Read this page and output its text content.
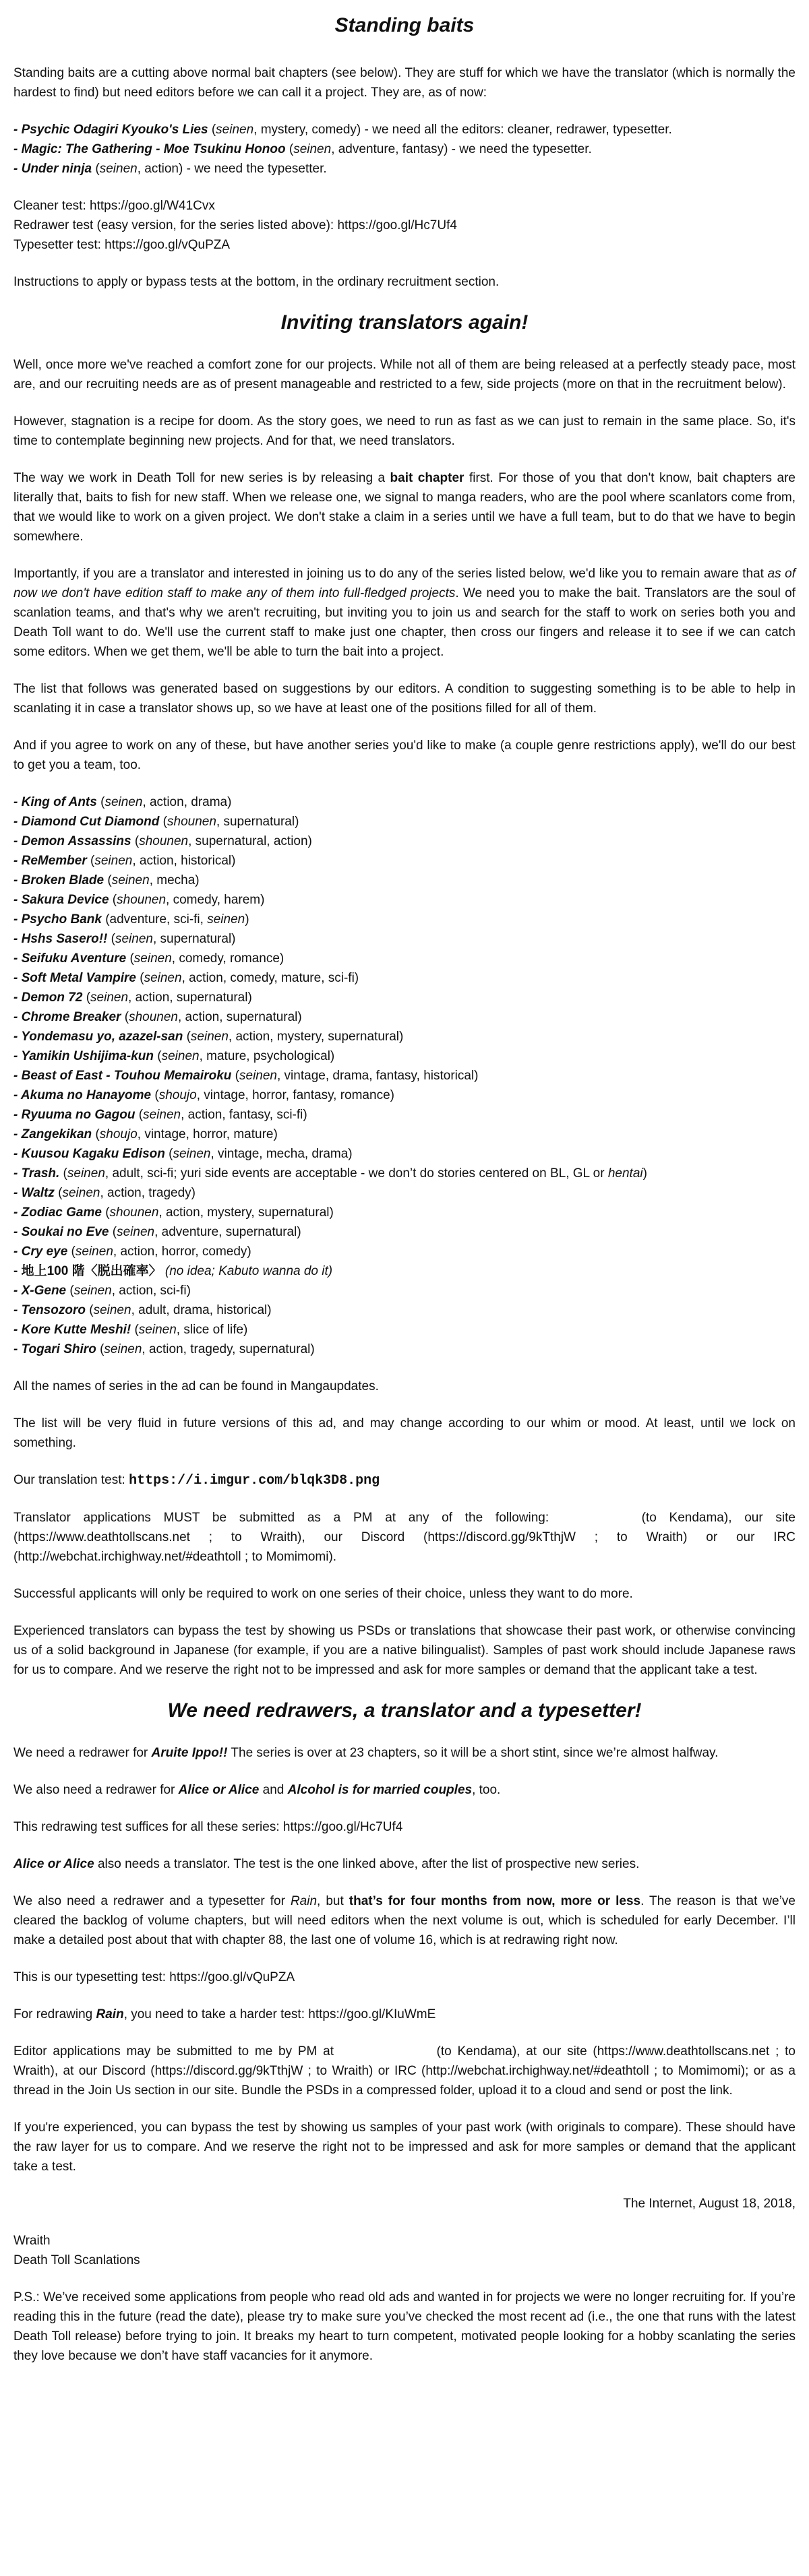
Standing baits

Standing baits are a cutting above normal bait chapters (see below). They are stuff for which we have the translator (which is normally the hardest to find) but need editors before we can call it a project. They are, as of now:

- Psychic Odagiri Kyouko's Lies (seinen, mystery, comedy) - we need all the editors: cleaner, redrawer, typesetter.
- Magic: The Gathering - Moe Tsukinu Honoo (seinen, adventure, fantasy) - we need the typesetter.
- Under ninja (seinen, action) - we need the typesetter.
Cleaner test: https://goo.gl/W41Cvx
Redrawer test (easy version, for the series listed above): https://goo.gl/Hc7Uf4
Typesetter test: https://goo.gl/vQuPZA

Instructions to apply or bypass tests at the bottom, in the ordinary recruitment section.

Inviting translators again!

Well, once more we've reached a comfort zone for our projects. While not all of them are being released at a perfectly steady pace, most are, and our recruiting needs are as of present manageable and restricted to a few, side projects (more on that in the recruitment below).

However, stagnation is a recipe for doom. As the story goes, we need to run as fast as we can just to remain in the same place. So, it's time to contemplate beginning new projects. And for that, we need translators.

The way we work in Death Toll for new series is by releasing a bait chapter first. For those of you that don't know, bait chapters are literally that, baits to fish for new staff. When we release one, we signal to manga readers, who are the pool where scanlators come from, that we would like to work on a given project. We don't stake a claim in a series until we have a full team, but to do that we have to begin somewhere.

Importantly, if you are a translator and interested in joining us to do any of the series listed below, we'd like you to remain aware that as of now we don't have edition staff to make any of them into full-fledged projects. We need you to make the bait. Translators are the soul of scanlation teams, and that's why we aren't recruiting, but inviting you to join us and search for the staff to work on series both you and Death Toll want to do. We'll use the current staff to make just one chapter, then cross our fingers and release it to see if we can catch some editors. When we get them, we'll be able to turn the bait into a project.

The list that follows was generated based on suggestions by our editors. A condition to suggesting something is to be able to help in scanlating it in case a translator shows up, so we have at least one of the positions filled for all of them.

And if you agree to work on any of these, but have another series you'd like to make (a couple genre restrictions apply), we'll do our best to get you a team, too.

- King of Ants (seinen, action, drama)
- Diamond Cut Diamond (shounen, supernatural)
- Demon Assassins (shounen, supernatural, action)
- ReMember (seinen, action, historical)
- Broken Blade (seinen, mecha)
- Sakura Device (shounen, comedy, harem)
- Psycho Bank (adventure, sci-fi, seinen)
- Hshs Sasero!! (seinen, supernatural)
- Seifuku Aventure (seinen, comedy, romance)
- Soft Metal Vampire (seinen, action, comedy, mature, sci-fi)
- Demon 72 (seinen, action, supernatural)
- Chrome Breaker (shounen, action, supernatural)
- Yondemasu yo, azazel-san (seinen, action, mystery, supernatural)
- Yamikin Ushijima-kun (seinen, mature, psychological)
- Beast of East - Touhou Memairoku (seinen, vintage, drama, fantasy, historical)
- Akuma no Hanayome (shoujo, vintage, horror, fantasy, romance)
- Ryuuma no Gagou (seinen, action, fantasy, sci-fi)
- Zangekikan (shoujo, vintage, horror, mature)
- Kuusou Kagaku Edison (seinen, vintage, mecha, drama)
- Trash. (seinen, adult, sci-fi; yuri side events are acceptable - we don’t do stories centered on BL, GL or hentai)
- Waltz (seinen, action, tragedy)
- Zodiac Game (shounen, action, mystery, supernatural)
- Soukai no Eve (seinen, adventure, supernatural)
- Cry eye (seinen, action, horror, comedy)
- 地上100 階〈脱出確率〉 (no idea; Kabuto wanna do it)
- X-Gene (seinen, action, sci-fi)
- Tensozoro (seinen, adult, drama, historical)
- Kore Kutte Meshi! (seinen, slice of life)
- Togari Shiro (seinen, action, tragedy, supernatural)

All the names of series in the ad can be found in Mangaupdates.

The list will be very fluid in future versions of this ad, and may change according to our whim or mood. At least, until we lock on something.

Our translation test: https://i.imgur.com/blqk3D8.png

Translator applications MUST be submitted as a PM at any of the following:	(to Kendama), our site (https://www.deathtollscans.net ; to Wraith), our Discord (https://discord.gg/9kTthjW ; to Wraith) or our IRC (http://webchat.irchighway.net/#deathtoll ; to Momimomi).

Successful applicants will only be required to work on one series of their choice, unless they want to do more.

Experienced translators can bypass the test by showing us PSDs or translations that showcase their past work, or otherwise convincing us of a solid background in Japanese (for example, if you are a native bilingualist). Samples of past work should include Japanese raws for us to compare. And we reserve the right not to be impressed and ask for more samples or demand that the applicant take a test.

We need redrawers, a translator and a typesetter!

We need a redrawer for Aruite Ippo!! The series is over at 23 chapters, so it will be a short stint, since we’re almost halfway.

We also need a redrawer for Alice or Alice and Alcohol is for married couples, too.

This redrawing test suffices for all these series: https://goo.gl/Hc7Uf4

Alice or Alice also needs a translator. The test is the one linked above, after the list of prospective new series.

We also need a redrawer and a typesetter for Rain, but that’s for four months from now, more or less. The reason is that we’ve cleared the backlog of volume chapters, but will need editors when the next volume is out, which is scheduled for early December. I’ll make a detailed post about that with chapter 88, the last one of volume 16, which is at redrawing right now.

This is our typesetting test: https://goo.gl/vQuPZA

For redrawing Rain, you need to take a harder test: https://goo.gl/KIuWmE

Editor applications may be submitted to me by PM at	(to Kendama), at our site (https://www.deathtollscans.net ; to Wraith), at our Discord (https://discord.gg/9kTthjW ; to Wraith) or IRC (http://webchat.irchighway.net/#deathtoll ; to Momimomi); or as a thread in the Join Us section in our site. Bundle the PSDs in a compressed folder, upload it to a cloud and send or post the link.

If you're experienced, you can bypass the test by showing us samples of your past work (with originals to compare). These should have the raw layer for us to compare. And we reserve the right not to be impressed and ask for more samples or demand that the applicant take a test.

The Internet, August 18, 2018,

Wraith
Death Toll Scanlations

P.S.: We’ve received some applications from people who read old ads and wanted in for projects we were no longer recruiting for. If you’re reading this in the future (read the date), please try to make sure you’ve checked the most recent ad (i.e., the one that runs with the latest Death Toll release) before trying to join. It breaks my heart to turn competent, motivated people looking for a hobby scanlating the series they love because we don’t have staff vacancies for it anymore.
